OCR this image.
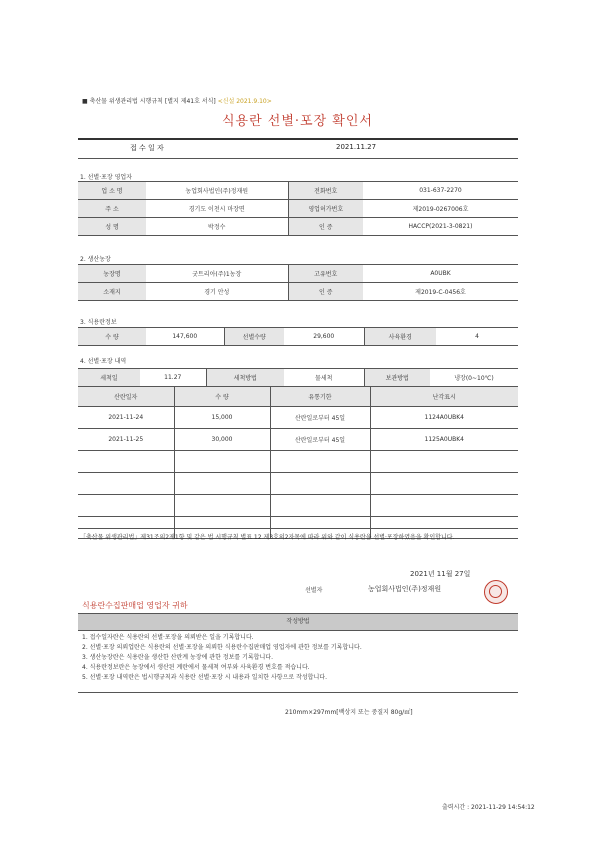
■ 축산물 위생관리법 시행규칙 [별지 제41호 서식] <신설 2021.9.10>
식용란 선별·포장 확인서
접 수 일 자	2021.11.27
1. 선별·포장 영업자
업 소 명	농업회사법인(주)정재원	전화번호	031-637-2270
주 소	경기도 이천시 마장면	영업허가번호	제2019-0267006호
성 명	박정수	인 증	HACCP(2021-3-0821)
2. 생산농장
농장명	굿트리아(주)1농장	고유번호	A0UBK
소재지	경기 안성	인 증	제2019-C-0456호
3. 식용란정보
수 량	147,600	선별수량	29,600	사육환경	4
4. 선별·포장 내역
세척일	11.27	세척방법	물세척	보관방법	냉장(0~10℃)
산란일자	수 량	유통기한	난각표시
2021-11-24	15,000	산란일로부터 45일	1124A0UBK4
2021-11-25	30,000	산란일로부터 45일	1125A0UBK4

「축산물 위생관리법」제31조의2제1항 및 같은 법 시행규칙 별표 12 제3호의2자목에 따라 위와 같이 식용란을 선별·포장하였음을 확인합니다.
2021년 11월 27일
선별자	농업회사법인(주)정재원
식용란수집판매업 영업자 귀하
작성방법
1. 접수일자란은 식용란의 선별·포장을 의뢰받은 일을 기록합니다.
2. 선별·포장 의뢰업란은 식용란의 선별·포장을 의뢰한 식용란수집판매업 영업자에 관한 정보를 기록합니다.
3. 생산농장란은 식용란을 생산한 산란계 농장에 관한 정보를 기록합니다.
4. 식용란정보란은 농장에서 생산된 계란에서 물세척 여부와 사육환경 번호를 적습니다.
5. 선별·포장 내역란은 법시행규칙과 식용란 선별·포장 시 내용과 일치한 사항으로 작성합니다.
210mm×297mm[백상지 또는 중질지 80g/㎡]
출력시간 : 2021-11-29 14:54:12
